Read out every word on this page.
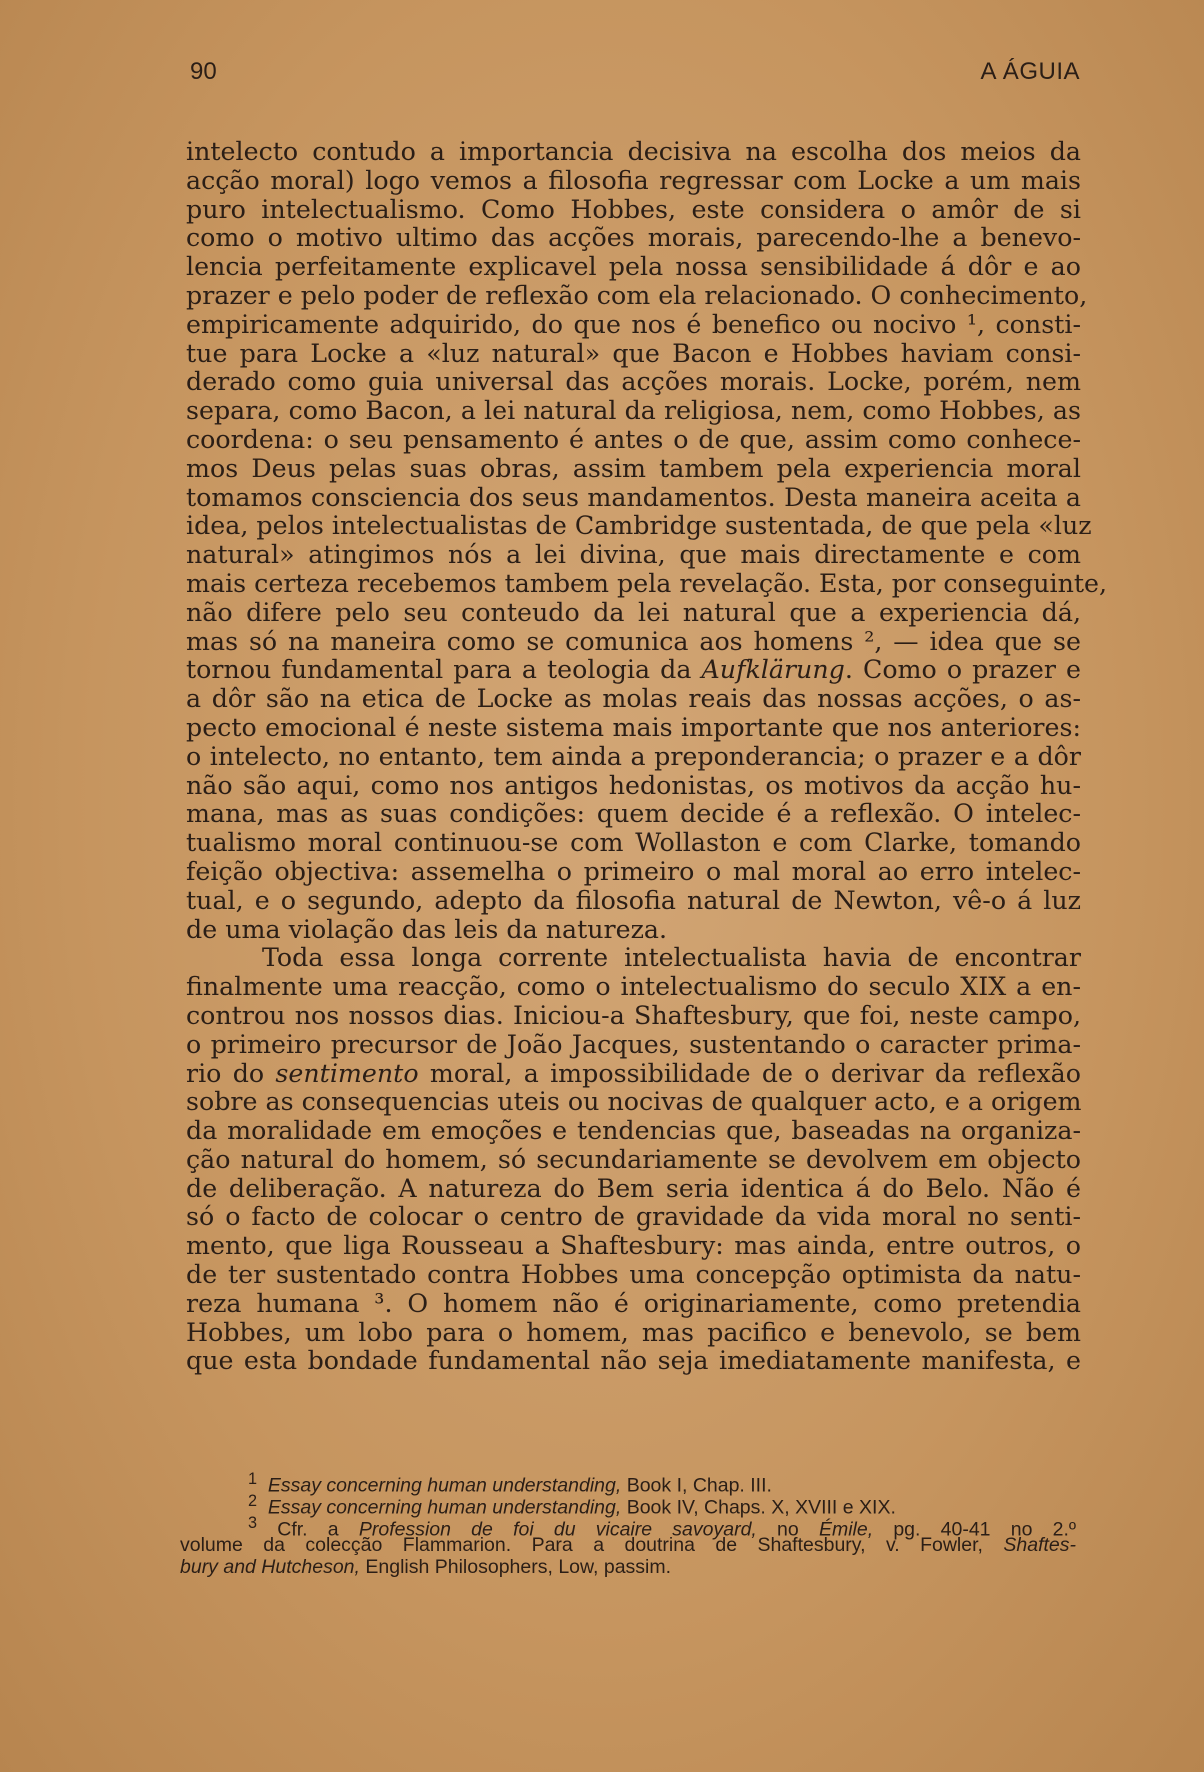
90	A ÁGUIA
intelecto contudo a importancia decisiva na escolha dos meios da
acção moral) logo vemos a filosofia regressar com Locke a um mais
puro intelectualismo. Como Hobbes, este considera o amôr de si
como o motivo ultimo das acções morais, parecendo-lhe a benevo-
lencia perfeitamente explicavel pela nossa sensibilidade á dôr e ao
prazer e pelo poder de reflexão com ela relacionado. O conhecimento,
empiricamente adquirido, do que nos é benefico ou nocivo ¹, consti-
tue para Locke a «luz natural» que Bacon e Hobbes haviam consi-
derado como guia universal das acções morais. Locke, porém, nem
separa, como Bacon, a lei natural da religiosa, nem, como Hobbes, as
coordena: o seu pensamento é antes o de que, assim como conhece-
mos Deus pelas suas obras, assim tambem pela experiencia moral
tomamos consciencia dos seus mandamentos. Desta maneira aceita a
idea, pelos intelectualistas de Cambridge sustentada, de que pela «luz
natural» atingimos nós a lei divina, que mais directamente e com
mais certeza recebemos tambem pela revelação. Esta, por conseguinte,
não difere pelo seu conteudo da lei natural que a experiencia dá,
mas só na maneira como se comunica aos homens ², — idea que se
tornou fundamental para a teologia da Aufklärung. Como o prazer e
a dôr são na etica de Locke as molas reais das nossas acções, o as-
pecto emocional é neste sistema mais importante que nos anteriores:
o intelecto, no entanto, tem ainda a preponderancia; o prazer e a dôr
não são aqui, como nos antigos hedonistas, os motivos da acção hu-
mana, mas as suas condições: quem decide é a reflexão. O intelec-
tualismo moral continuou-se com Wollaston e com Clarke, tomando
feição objectiva: assemelha o primeiro o mal moral ao erro intelec-
tual, e o segundo, adepto da filosofia natural de Newton, vê-o á luz
de uma violação das leis da natureza.
Toda essa longa corrente intelectualista havia de encontrar
finalmente uma reacção, como o intelectualismo do seculo XIX a en-
controu nos nossos dias. Iniciou-a Shaftesbury, que foi, neste campo,
o primeiro precursor de João Jacques, sustentando o caracter prima-
rio do sentimento moral, a impossibilidade de o derivar da reflexão
sobre as consequencias uteis ou nocivas de qualquer acto, e a origem
da moralidade em emoções e tendencias que, baseadas na organiza-
ção natural do homem, só secundariamente se devolvem em objecto
de deliberação. A natureza do Bem seria identica á do Belo. Não é
só o facto de colocar o centro de gravidade da vida moral no senti-
mento, que liga Rousseau a Shaftesbury: mas ainda, entre outros, o
de ter sustentado contra Hobbes uma concepção optimista da natu-
reza humana ³. O homem não é originariamente, como pretendia
Hobbes, um lobo para o homem, mas pacifico e benevolo, se bem
que esta bondade fundamental não seja imediatamente manifesta, e
$^1$ Essay concerning human understanding, Book I, Chap. III.
$^2$ Essay concerning human understanding, Book IV, Chaps. X, XVIII e XIX.
$^3$ Cfr. a Profession de foi du vicaire savoyard, no Émile, pg. 40-41 no 2.º
volume da colecção Flammarion. Para a doutrina de Shaftesbury, v. Fowler, Shaftes-
bury and Hutcheson, English Philosophers, Low, passim.
